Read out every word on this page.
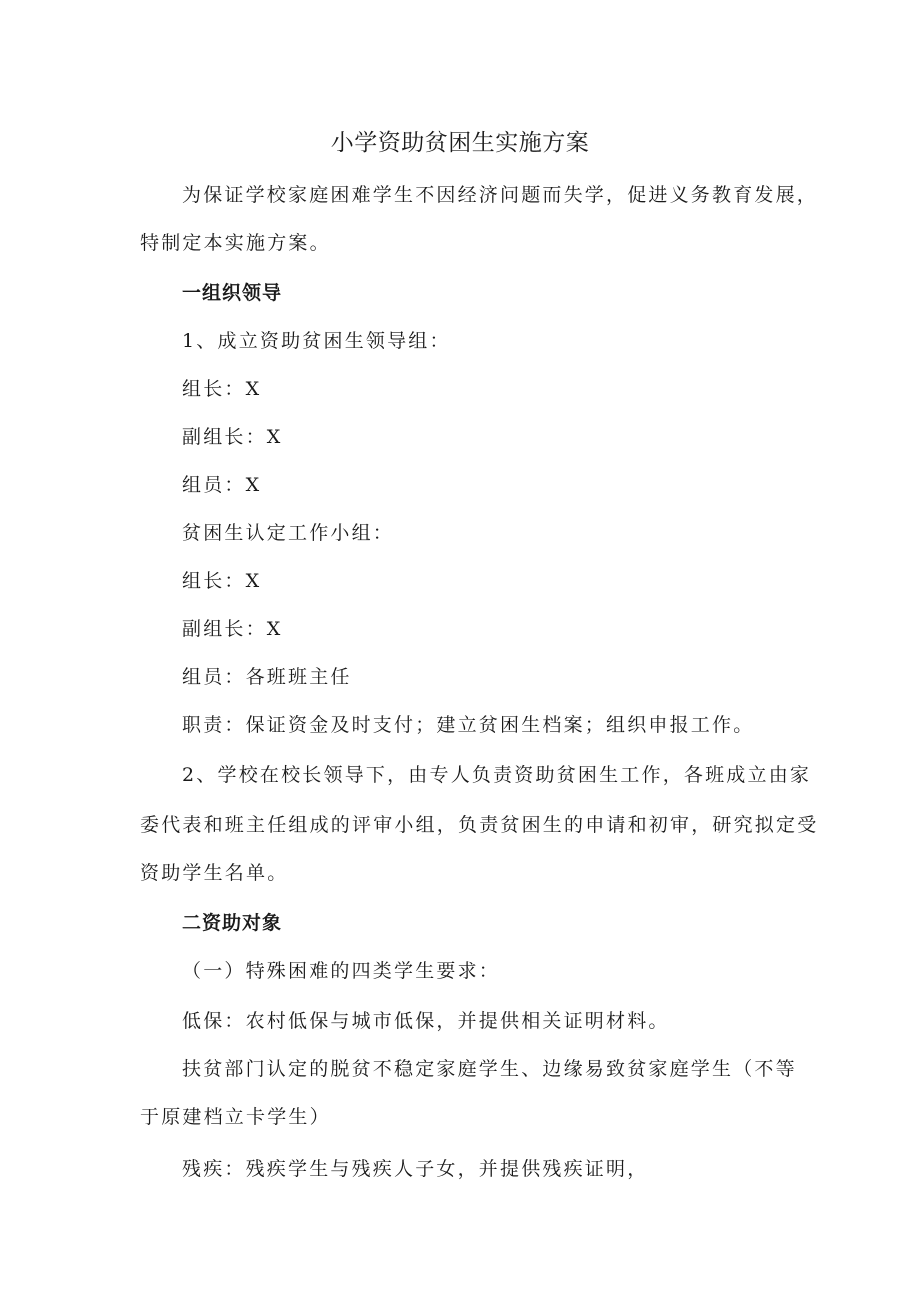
小学资助贫困生实施方案
为保证学校家庭困难学生不因经济问题而失学，促进义务教育发展，
特制定本实施方案。
一组织领导
1、成立资助贫困生领导组：
组长：X
副组长：X
组员：X
贫困生认定工作小组：
组长：X
副组长：X
组员：各班班主任
职责：保证资金及时支付；建立贫困生档案；组织申报工作。
2、学校在校长领导下，由专人负责资助贫困生工作，各班成立由家
委代表和班主任组成的评审小组，负责贫困生的申请和初审，研究拟定受
资助学生名单。
二资助对象
（一）特殊困难的四类学生要求：
低保：农村低保与城市低保，并提供相关证明材料。
扶贫部门认定的脱贫不稳定家庭学生、边缘易致贫家庭学生（不等
于原建档立卡学生）
残疾：残疾学生与残疾人子女，并提供残疾证明，
